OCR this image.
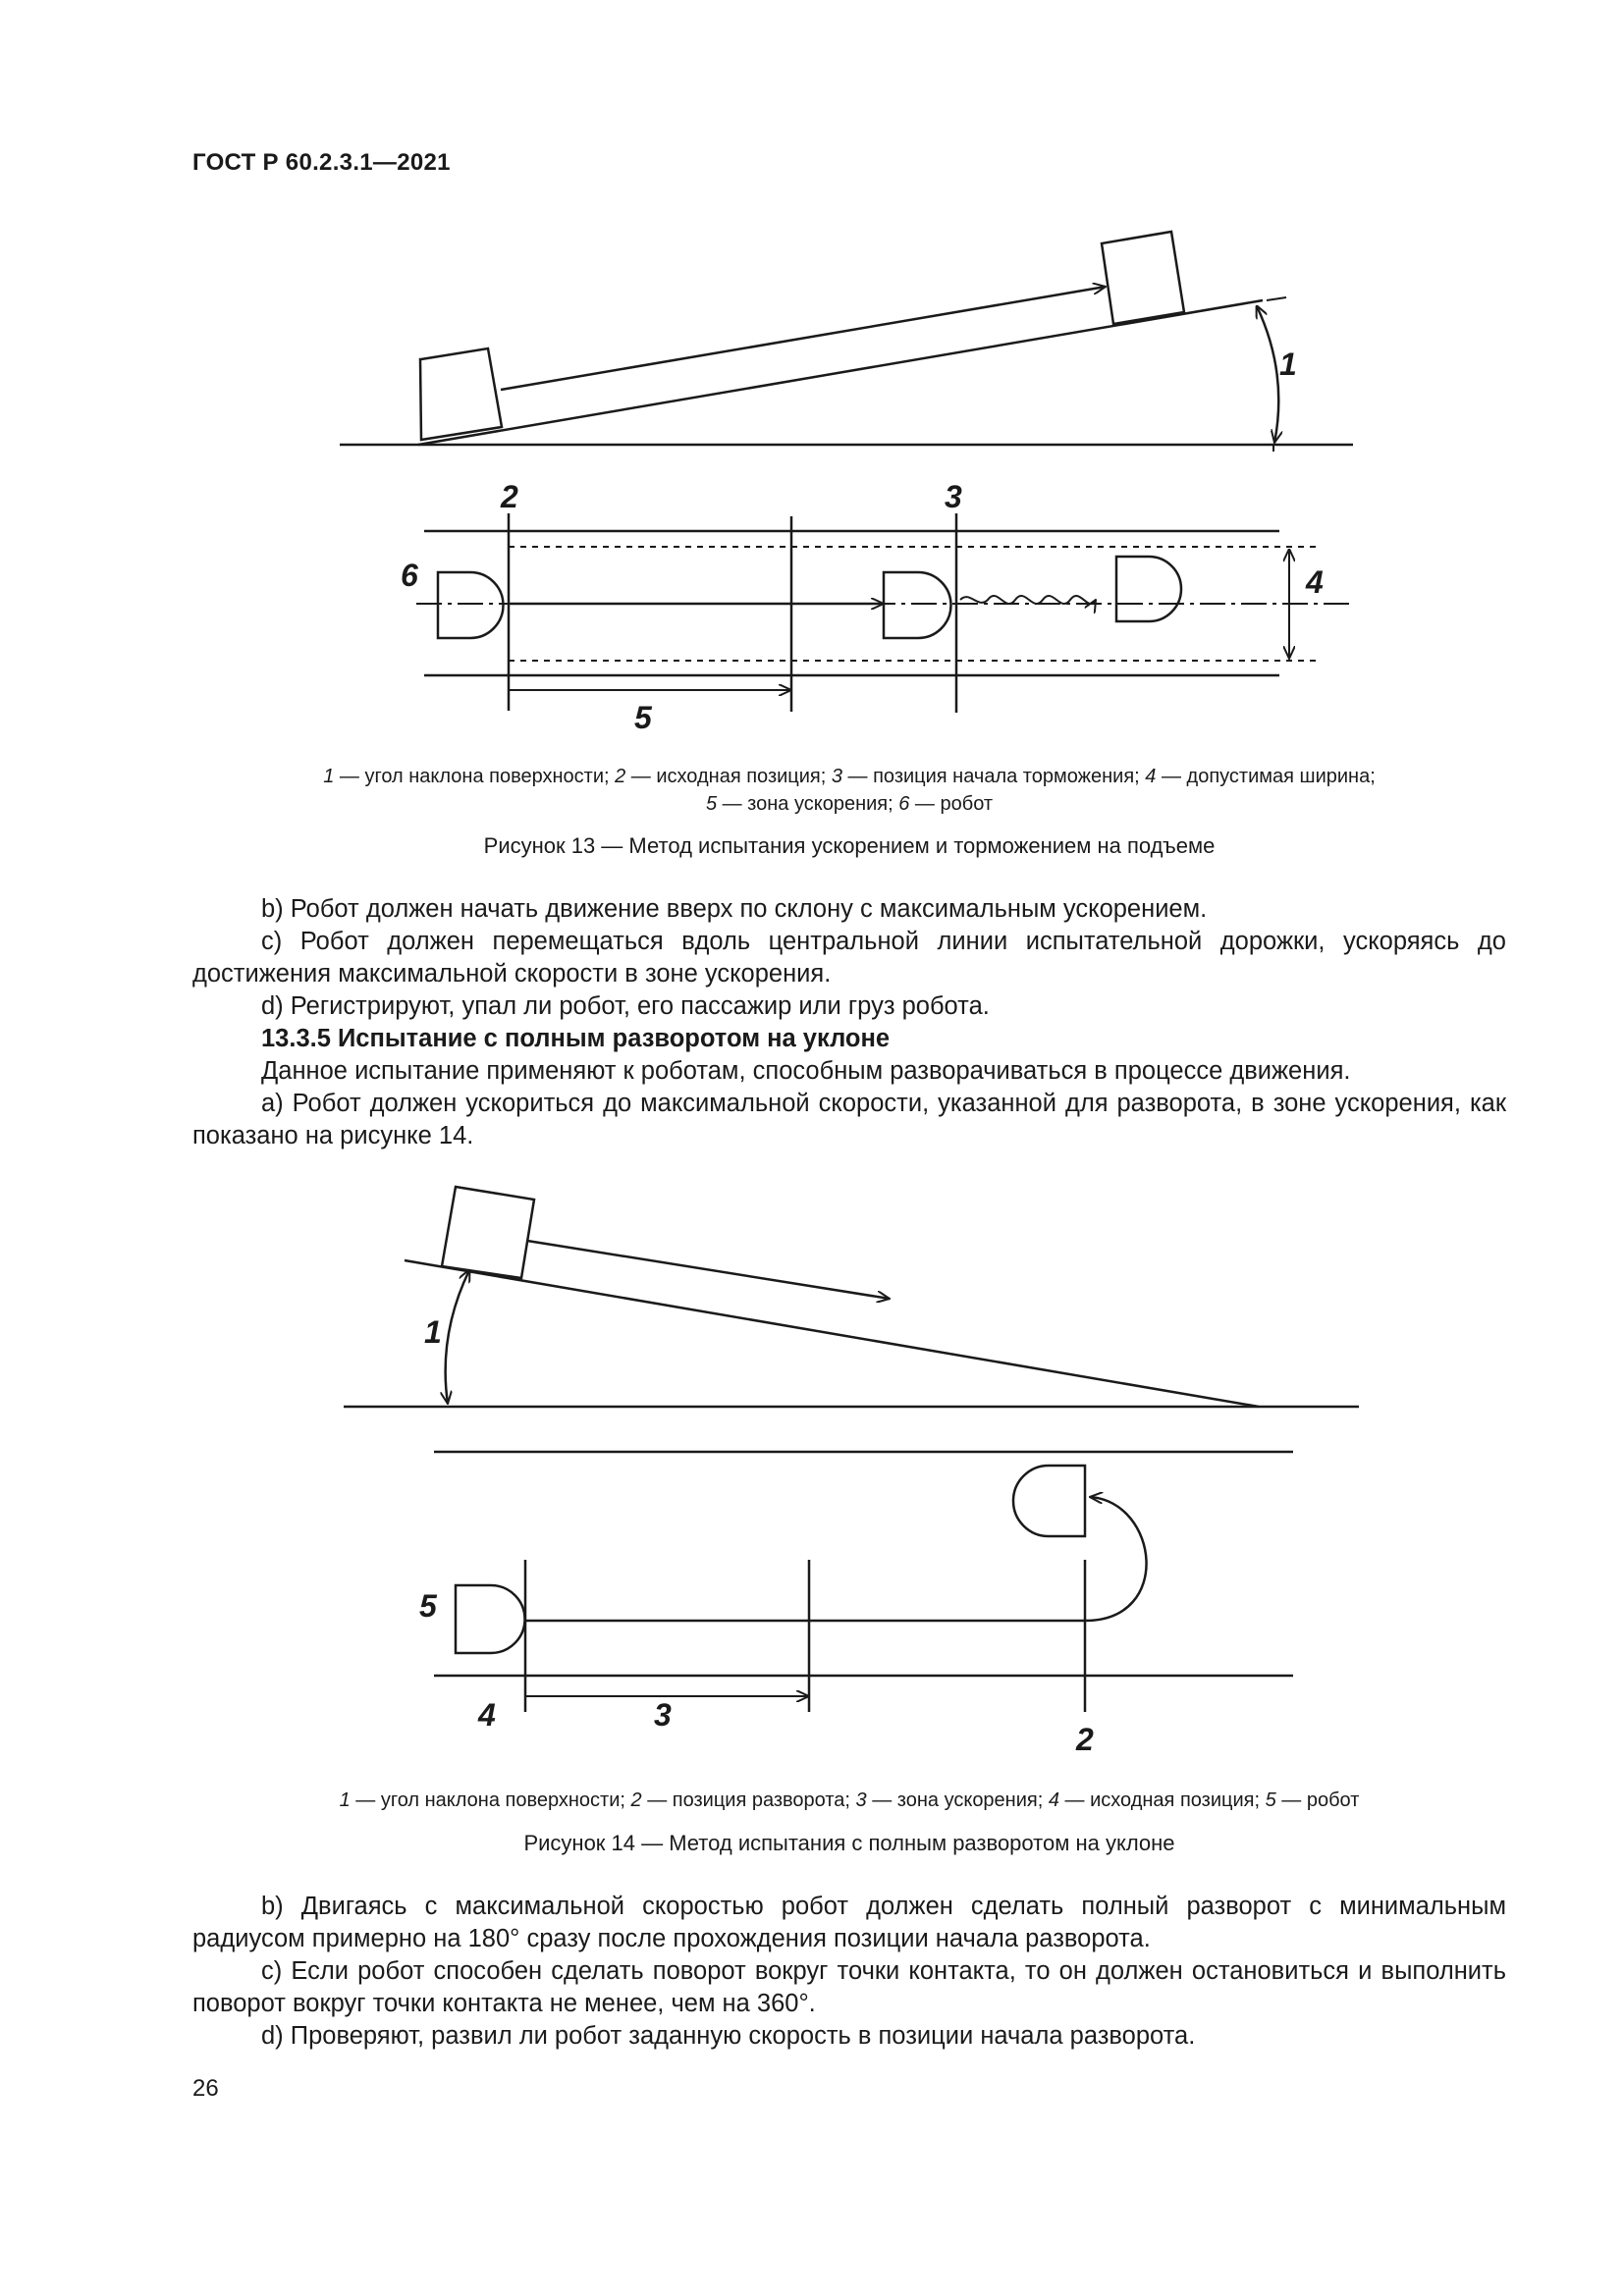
ГОСТ Р 60.2.3.1—2021
1
2	3
4
5
6
1 — угол наклона поверхности; 2 — исходная позиция; 3 — позиция начала торможения; 4 — допустимая ширина;
5 — зона ускорения; 6 — робот
Рисунок 13 — Метод испытания ускорением и торможением на подъеме

b) Робот должен начать движение вверх по склону с максимальным ускорением.

c) Робот должен перемещаться вдоль центральной линии испытательной дорожки, ускоряясь до достижения максимальной скорости в зоне ускорения.

d) Регистрируют, упал ли робот, его пассажир или груз робота.

13.3.5 Испытание с полным разворотом на уклоне

Данное испытание применяют к роботам, способным разворачиваться в процессе движения.

a) Робот должен ускориться до максимальной скорости, указанной для разворота, в зоне ускорения, как показано на рисунке 14.

1
2
3
4
5
1 — угол наклона поверхности; 2 — позиция разворота; 3 — зона ускорения; 4 — исходная позиция; 5 — робот
Рисунок 14 — Метод испытания с полным разворотом на уклоне

b) Двигаясь с максимальной скоростью робот должен сделать полный разворот с минимальным радиусом примерно на 180° сразу после прохождения позиции начала разворота.

c) Если робот способен сделать поворот вокруг точки контакта, то он должен остановиться и выполнить поворот вокруг точки контакта не менее, чем на 360°.

d) Проверяют, развил ли робот заданную скорость в позиции начала разворота.

26
